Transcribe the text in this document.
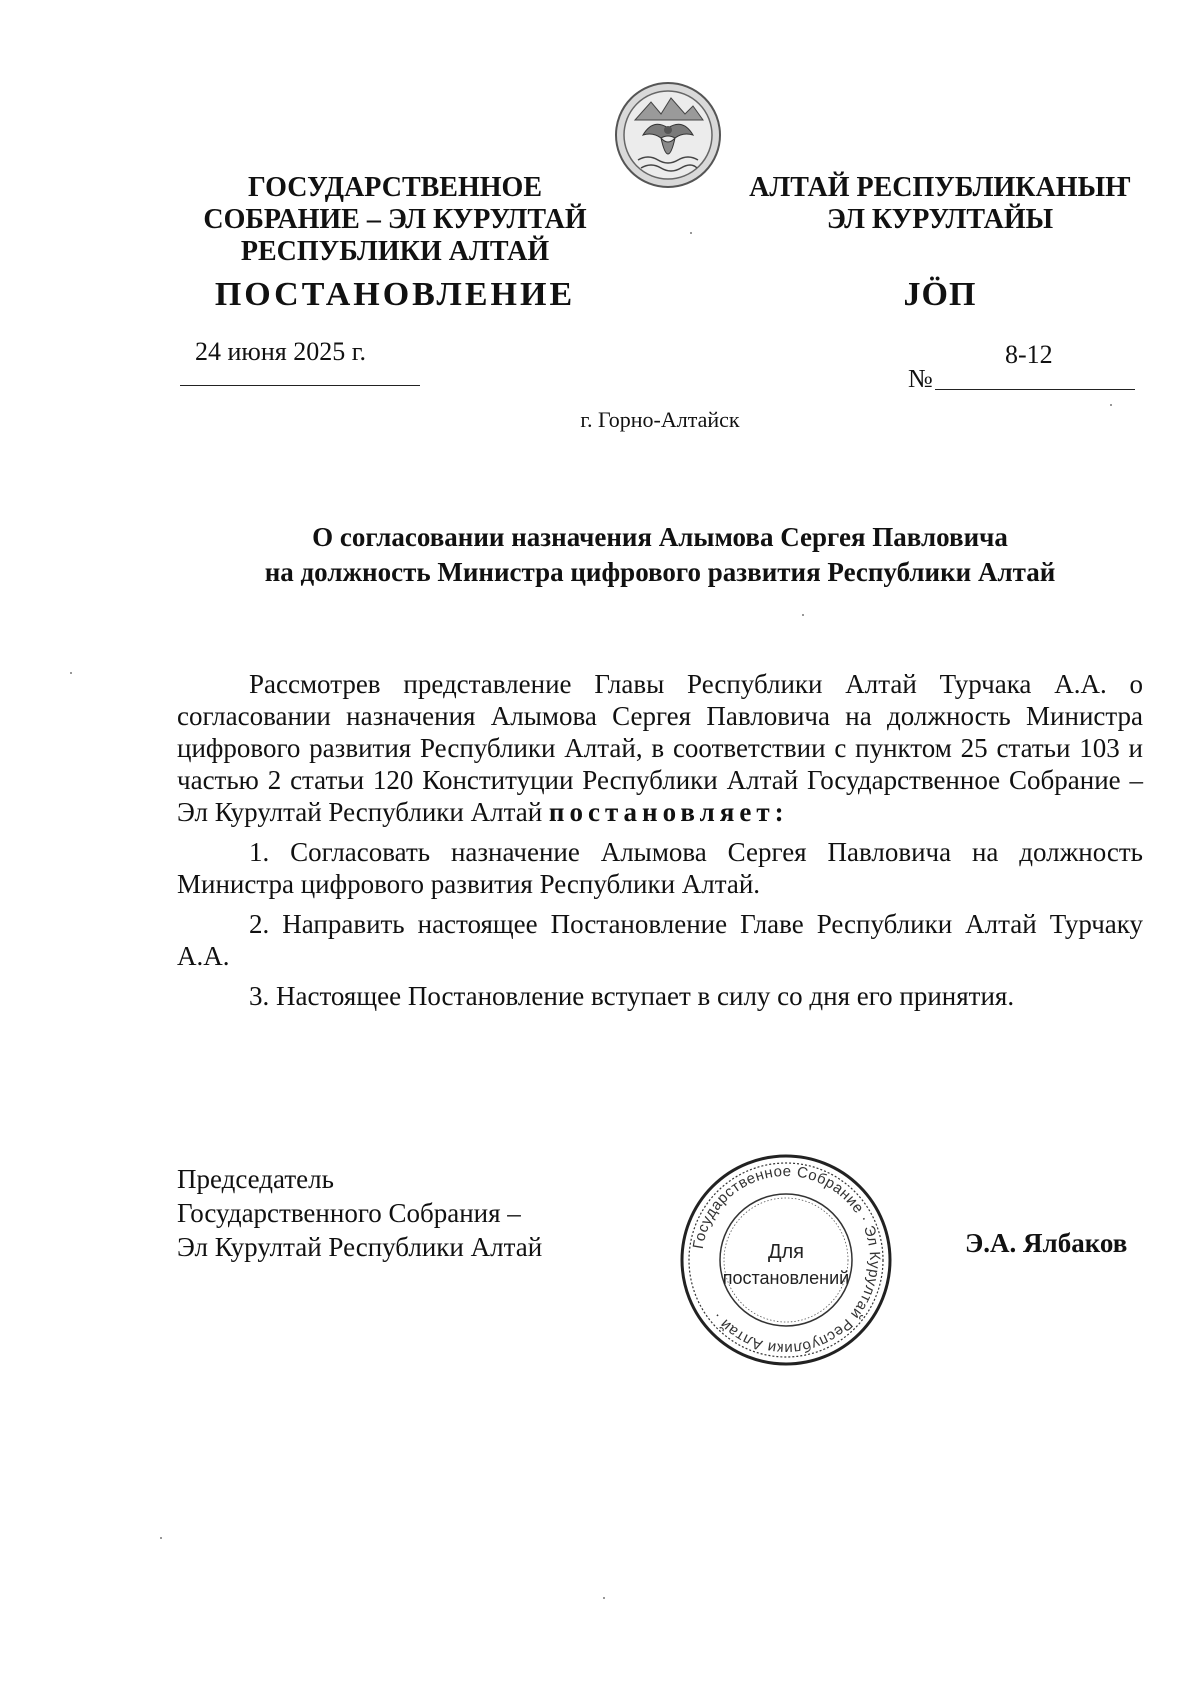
ГОСУДАРСТВЕННОЕ
СОБРАНИЕ – ЭЛ КУРУЛТАЙ
РЕСПУБЛИКИ АЛТАЙ
АЛТАЙ РЕСПУБЛИКАНЫҤ
ЭЛ КУРУЛТАЙЫ
ПОСТАНОВЛЕНИЕ	JӦП
24 июня 2025 г.
№
8-12
г. Горно-Алтайск
О согласовании назначения Алымова Сергея Павловича
на должность Министра цифрового развития Республики Алтай

Рассмотрев представление Главы Республики Алтай Турчака А.А. о согласовании назначения Алымова Сергея Павловича на должность Министра цифрового развития Республики Алтай, в соответствии с пунктом 25 статьи 103 и частью 2 статьи 120 Конституции Республики Алтай Государственное Собрание – Эл Курултай Республики Алтай постановляет:

1. Согласовать назначение Алымова Сергея Павловича на должность Министра цифрового развития Республики Алтай.

2. Направить настоящее Постановление Главе Республики Алтай Турчаку А.А.

3. Настоящее Постановление вступает в силу со дня его принятия.

Председатель
Государственного Собрания –
Эл Курултай Республики Алтай	Государственное Собрание · Эл Курултай Республики Алтай ·
Для
постановлений
Э.А. Ялбаков
